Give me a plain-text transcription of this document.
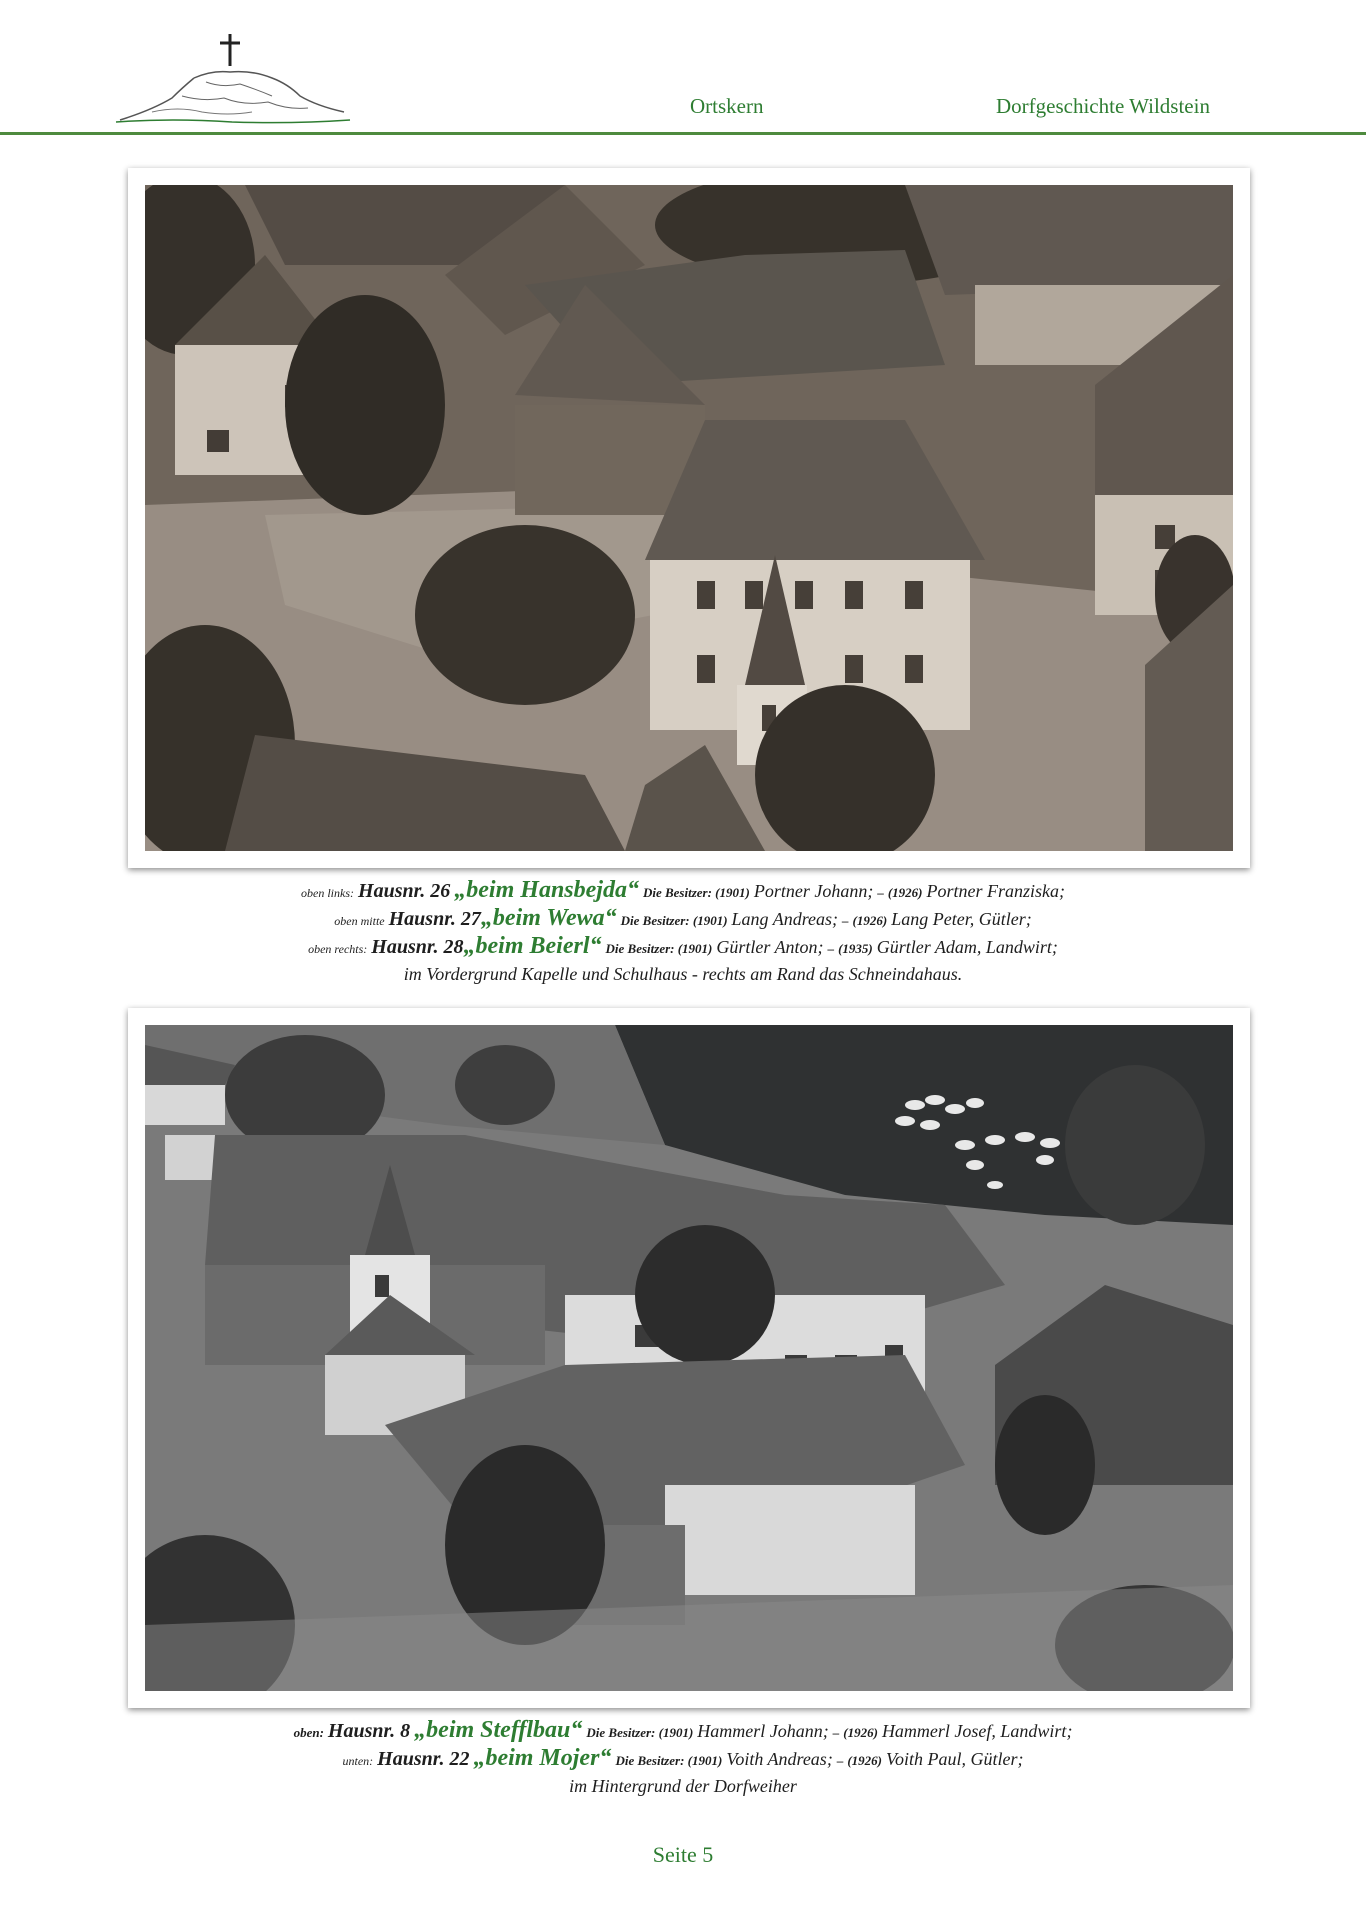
Ortskern	Dorfgeschichte Wildstein
oben links: Hausnr. 26 „beim Hansbejda“ Die Besitzer: (1901) Portner Johann; – (1926) Portner Franziska;
oben mitte Hausnr. 27„beim Wewa“ Die Besitzer: (1901) Lang Andreas; – (1926) Lang Peter, Gütler;
oben rechts: Hausnr. 28„beim Beierl“ Die Besitzer: (1901) Gürtler Anton; – (1935) Gürtler Adam, Landwirt;
im Vordergrund Kapelle und Schulhaus - rechts am Rand das Schneindahaus.
oben: Hausnr. 8 „beim Stefflbau“ Die Besitzer: (1901) Hammerl Johann; – (1926) Hammerl Josef, Landwirt;
unten: Hausnr. 22 „beim Mojer“ Die Besitzer: (1901) Voith Andreas; – (1926) Voith Paul, Gütler;
im Hintergrund der Dorfweiher
Seite 5
